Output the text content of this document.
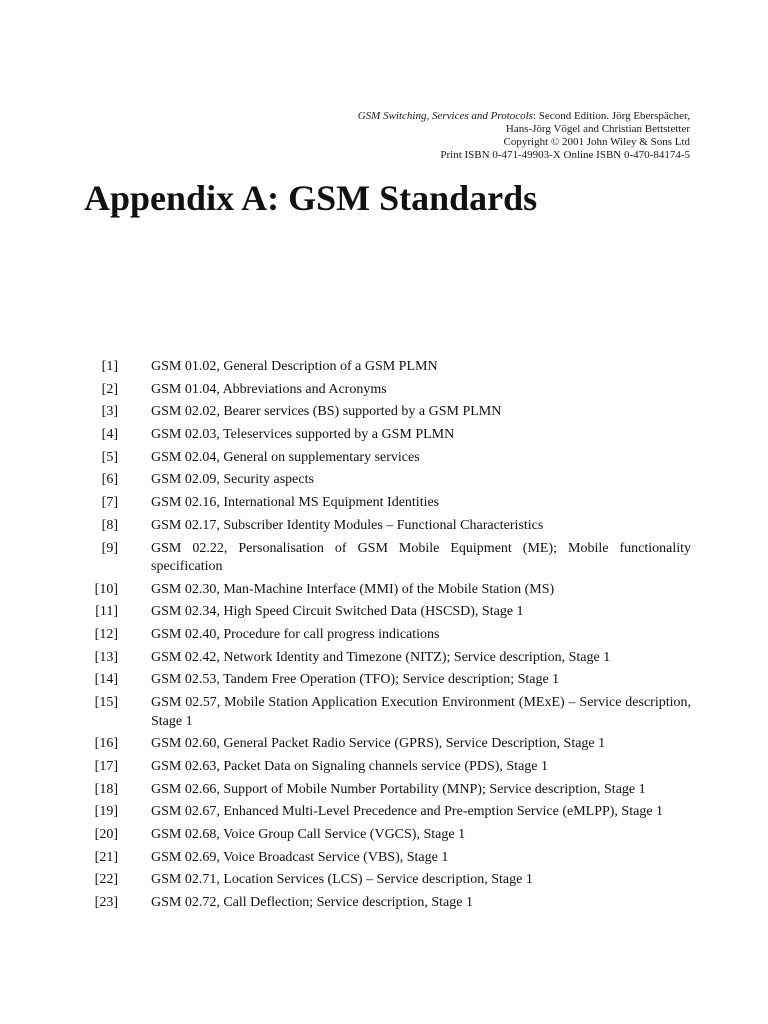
GSM Switching, Services and Protocols: Second Edition. Jörg Eberspächer,
Hans-Jörg Vögel and Christian Bettstetter
Copyright © 2001 John Wiley & Sons Ltd
Print ISBN 0-471-49903-X Online ISBN 0-470-84174-5
Appendix A: GSM Standards
[1] GSM 01.02, General Description of a GSM PLMN
[2] GSM 01.04, Abbreviations and Acronyms
[3] GSM 02.02, Bearer services (BS) supported by a GSM PLMN
[4] GSM 02.03, Teleservices supported by a GSM PLMN
[5] GSM 02.04, General on supplementary services
[6] GSM 02.09, Security aspects
[7] GSM 02.16, International MS Equipment Identities
[8] GSM 02.17, Subscriber Identity Modules – Functional Characteristics
[9] GSM 02.22, Personalisation of GSM Mobile Equipment (ME); Mobile functionality specification
[10] GSM 02.30, Man-Machine Interface (MMI) of the Mobile Station (MS)
[11] GSM 02.34, High Speed Circuit Switched Data (HSCSD), Stage 1
[12] GSM 02.40, Procedure for call progress indications
[13] GSM 02.42, Network Identity and Timezone (NITZ); Service description, Stage 1
[14] GSM 02.53, Tandem Free Operation (TFO); Service description; Stage 1
[15] GSM 02.57, Mobile Station Application Execution Environment (MExE) – Service description, Stage 1
[16] GSM 02.60, General Packet Radio Service (GPRS), Service Description, Stage 1
[17] GSM 02.63, Packet Data on Signaling channels service (PDS), Stage 1
[18] GSM 02.66, Support of Mobile Number Portability (MNP); Service description, Stage 1
[19] GSM 02.67, Enhanced Multi-Level Precedence and Pre-emption Service (eMLPP), Stage 1
[20] GSM 02.68, Voice Group Call Service (VGCS), Stage 1
[21] GSM 02.69, Voice Broadcast Service (VBS), Stage 1
[22] GSM 02.71, Location Services (LCS) – Service description, Stage 1
[23] GSM 02.72, Call Deflection; Service description, Stage 1
